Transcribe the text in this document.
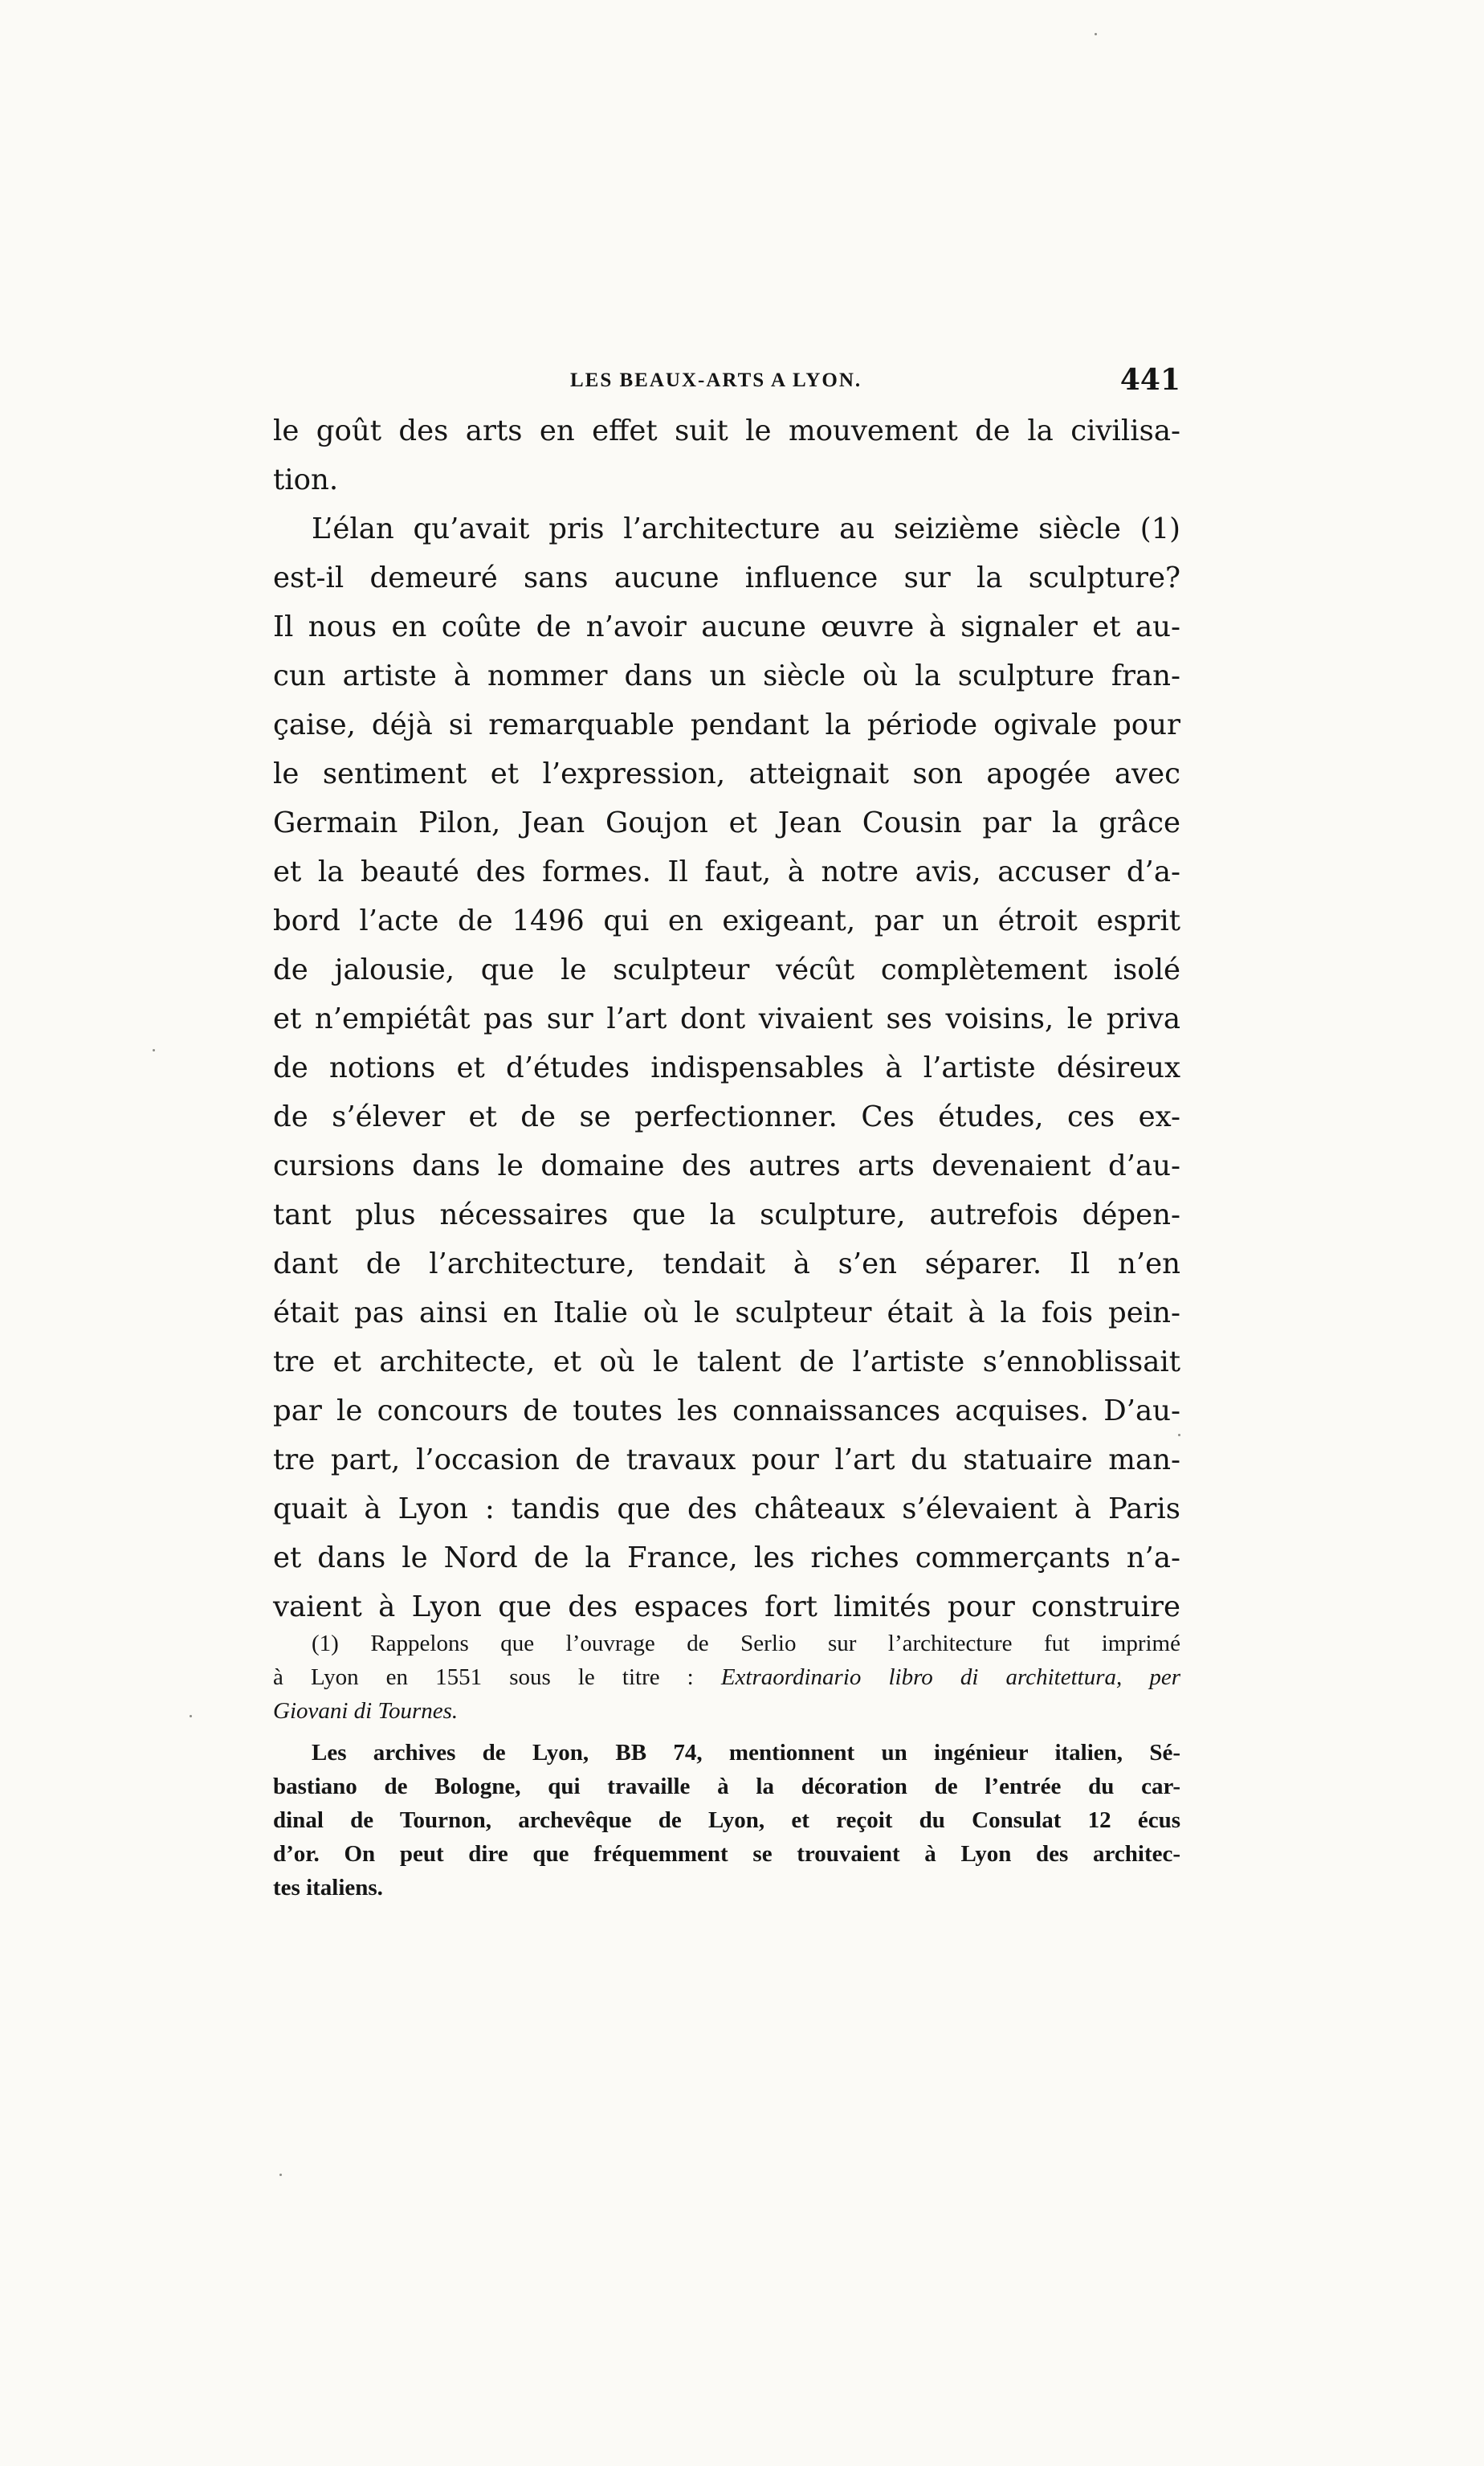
LES BEAUX-ARTS A LYON.	441
le goût des arts en effet suit le mouvement de la civilisa-
tion.
L’élan qu’avait pris l’architecture au seizième siècle (1)
est-il demeuré sans aucune influence sur la sculpture?
Il nous en coûte de n’avoir aucune œuvre à signaler et au-
cun artiste à nommer dans un siècle où la sculpture fran-
çaise, déjà si remarquable pendant la période ogivale pour
le sentiment et l’expression, atteignait son apogée avec
Germain Pilon, Jean Goujon et Jean Cousin par la grâce
et la beauté des formes. Il faut, à notre avis, accuser d’a-
bord l’acte de 1496 qui en exigeant, par un étroit esprit
de jalousie, que le sculpteur vécût complètement isolé
et n’empiétât pas sur l’art dont vivaient ses voisins, le priva
de notions et d’études indispensables à l’artiste désireux
de s’élever et de se perfectionner. Ces études, ces ex-
cursions dans le domaine des autres arts devenaient d’au-
tant plus nécessaires que la sculpture, autrefois dépen-
dant de l’architecture, tendait à s’en séparer. Il n’en
était pas ainsi en Italie où le sculpteur était à la fois pein-
tre et architecte, et où le talent de l’artiste s’ennoblissait
par le concours de toutes les connaissances acquises. D’au-
tre part, l’occasion de travaux pour l’art du statuaire man-
quait à Lyon : tandis que des châteaux s’élevaient à Paris
et dans le Nord de la France, les riches commerçants n’a-
vaient à Lyon que des espaces fort limités pour construire
(1) Rappelons que l’ouvrage de Serlio sur l’architecture fut imprimé
à Lyon en 1551 sous le titre : Extraordinario libro di architettura, per
Giovani di Tournes.
Les archives de Lyon, BB 74, mentionnent un ingénieur italien, Sé-
bastiano de Bologne, qui travaille à la décoration de l’entrée du car-
dinal de Tournon, archevêque de Lyon, et reçoit du Consulat 12 écus
d’or. On peut dire que fréquemment se trouvaient à Lyon des architec-
tes italiens.
